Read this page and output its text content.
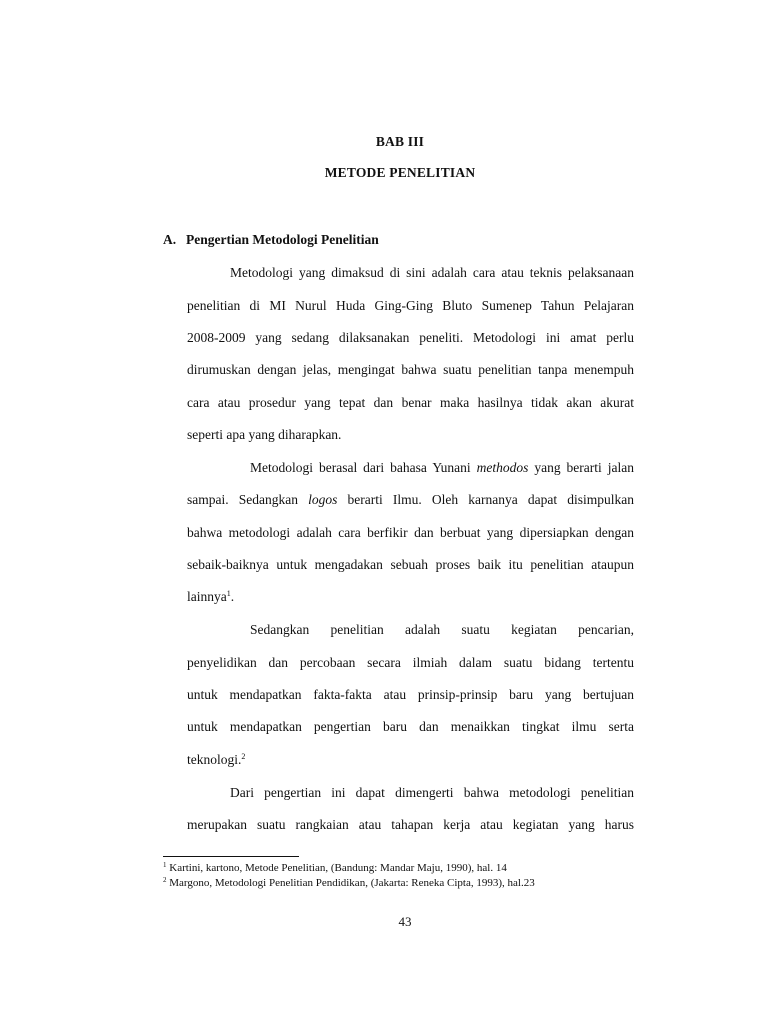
BAB III
METODE PENELITIAN
A. Pengertian Metodologi Penelitian
Metodologi yang dimaksud di sini adalah cara atau teknis pelaksanaan
penelitian di MI Nurul Huda Ging-Ging Bluto Sumenep Tahun Pelajaran
2008-2009 yang sedang dilaksanakan peneliti. Metodologi ini amat perlu
dirumuskan dengan jelas, mengingat bahwa suatu penelitian tanpa menempuh
cara atau prosedur yang tepat dan benar maka hasilnya tidak akan akurat
seperti apa yang diharapkan.
Metodologi berasal dari bahasa Yunani methodos yang berarti jalan
sampai. Sedangkan logos berarti Ilmu. Oleh karnanya dapat disimpulkan
bahwa metodologi adalah cara berfikir dan berbuat yang dipersiapkan dengan
sebaik-baiknya untuk mengadakan sebuah proses baik itu penelitian ataupun
lainnya$^1$.
Sedangkan penelitian adalah suatu kegiatan pencarian,
penyelidikan dan percobaan secara ilmiah dalam suatu bidang tertentu
untuk mendapatkan fakta-fakta atau prinsip-prinsip baru yang bertujuan
untuk mendapatkan pengertian baru dan menaikkan tingkat ilmu serta
teknologi.$^2$
Dari pengertian ini dapat dimengerti bahwa metodologi penelitian
merupakan suatu rangkaian atau tahapan kerja atau kegiatan yang harus
$^1$ Kartini, kartono, Metode Penelitian, (Bandung: Mandar Maju, 1990), hal. 14
$^2$ Margono, Metodologi Penelitian Pendidikan, (Jakarta: Reneka Cipta, 1993), hal.23
43
